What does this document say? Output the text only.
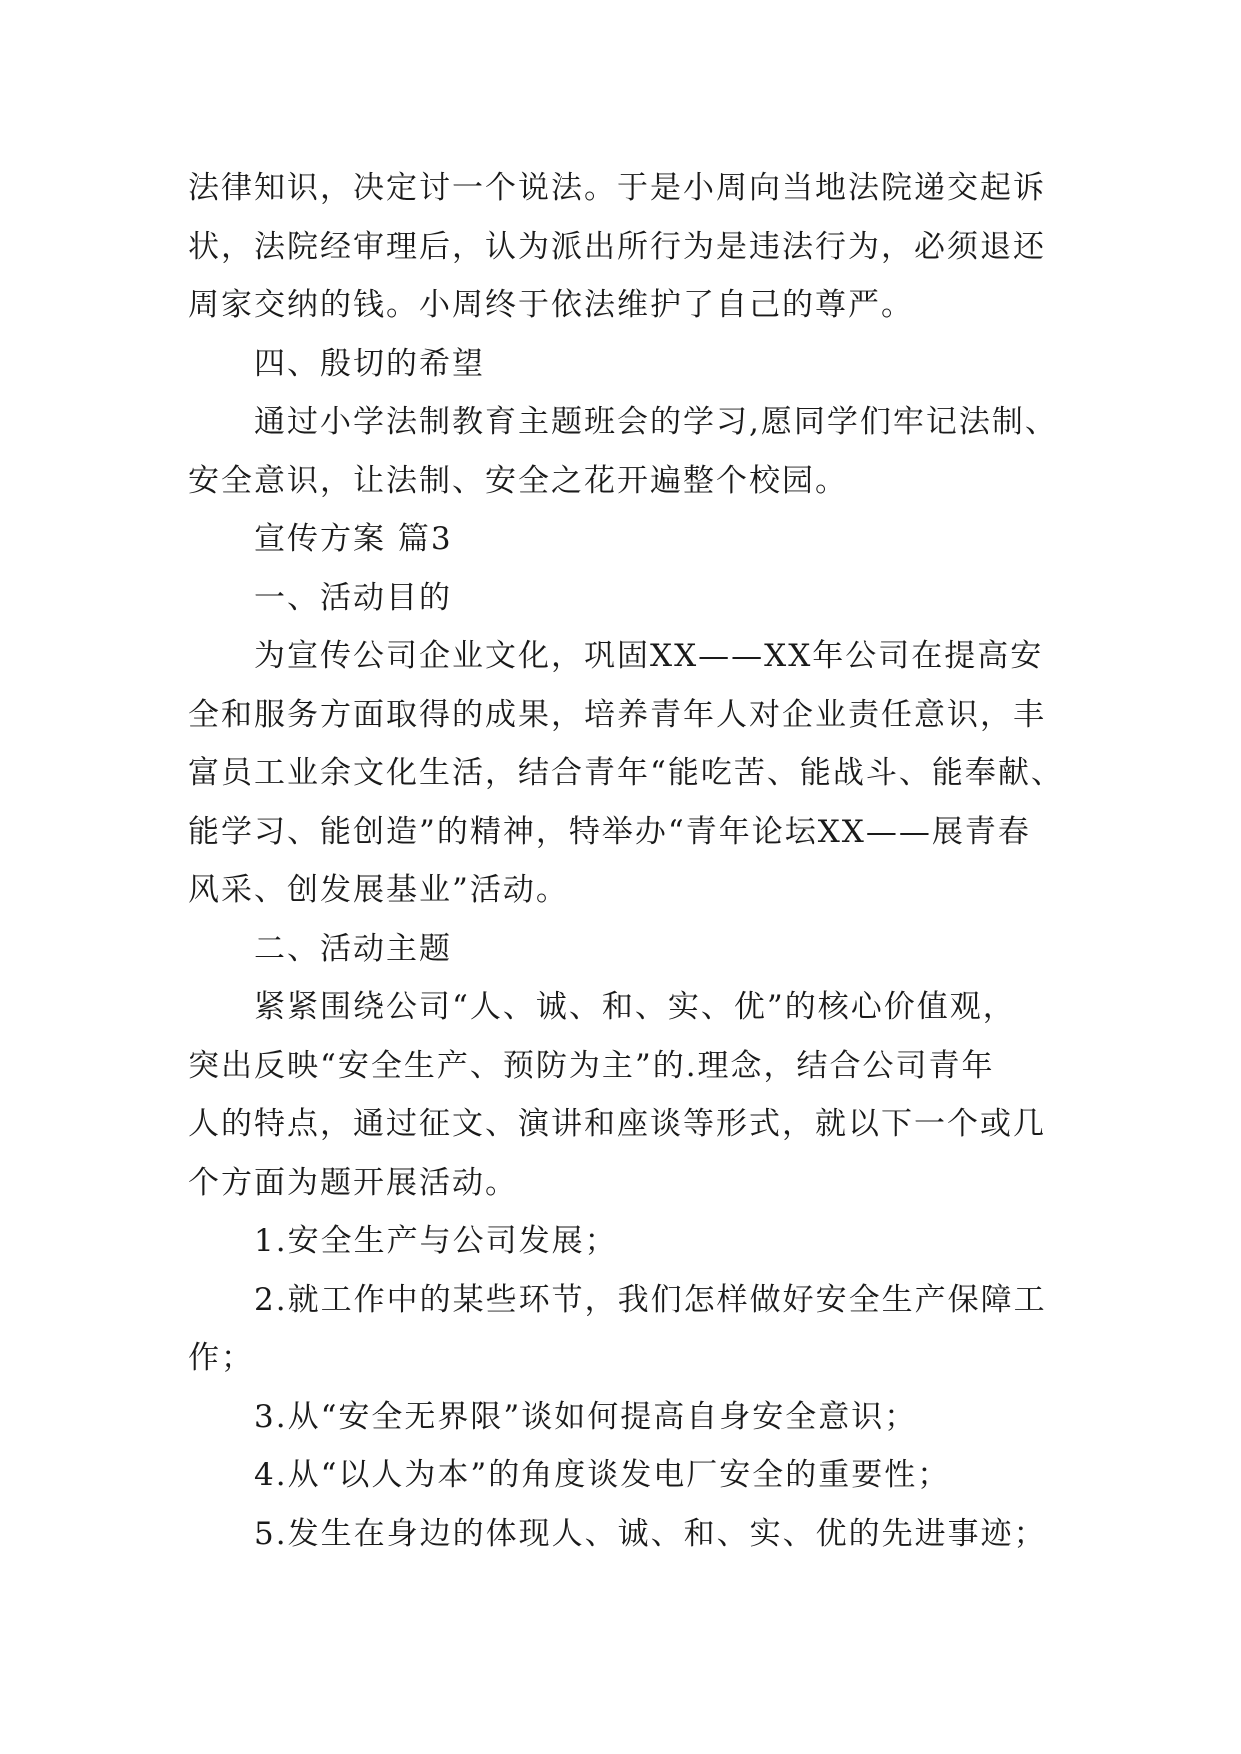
法律知识，决定讨一个说法。于是小周向当地法院递交起诉
状，法院经审理后，认为派出所行为是违法行为，必须退还
周家交纳的钱。小周终于依法维护了自己的尊严。
四、殷切的希望
通过小学法制教育主题班会的学习,愿同学们牢记法制、
安全意识，让法制、安全之花开遍整个校园。
宣传方案 篇3
一、活动目的
为宣传公司企业文化，巩固XX——XX年公司在提高安
全和服务方面取得的成果，培养青年人对企业责任意识，丰
富员工业余文化生活，结合青年“能吃苦、能战斗、能奉献、
能学习、能创造”的精神，特举办“青年论坛XX——展青春
风采、创发展基业”活动。
二、活动主题
紧紧围绕公司“人、诚、和、实、优”的核心价值观，
突出反映“安全生产、预防为主”的.理念，结合公司青年
人的特点，通过征文、演讲和座谈等形式，就以下一个或几
个方面为题开展活动。
1.安全生产与公司发展；
2.就工作中的某些环节，我们怎样做好安全生产保障工
作；
3.从“安全无界限”谈如何提高自身安全意识；
4.从“以人为本”的角度谈发电厂安全的重要性；
5.发生在身边的体现人、诚、和、实、优的先进事迹；
